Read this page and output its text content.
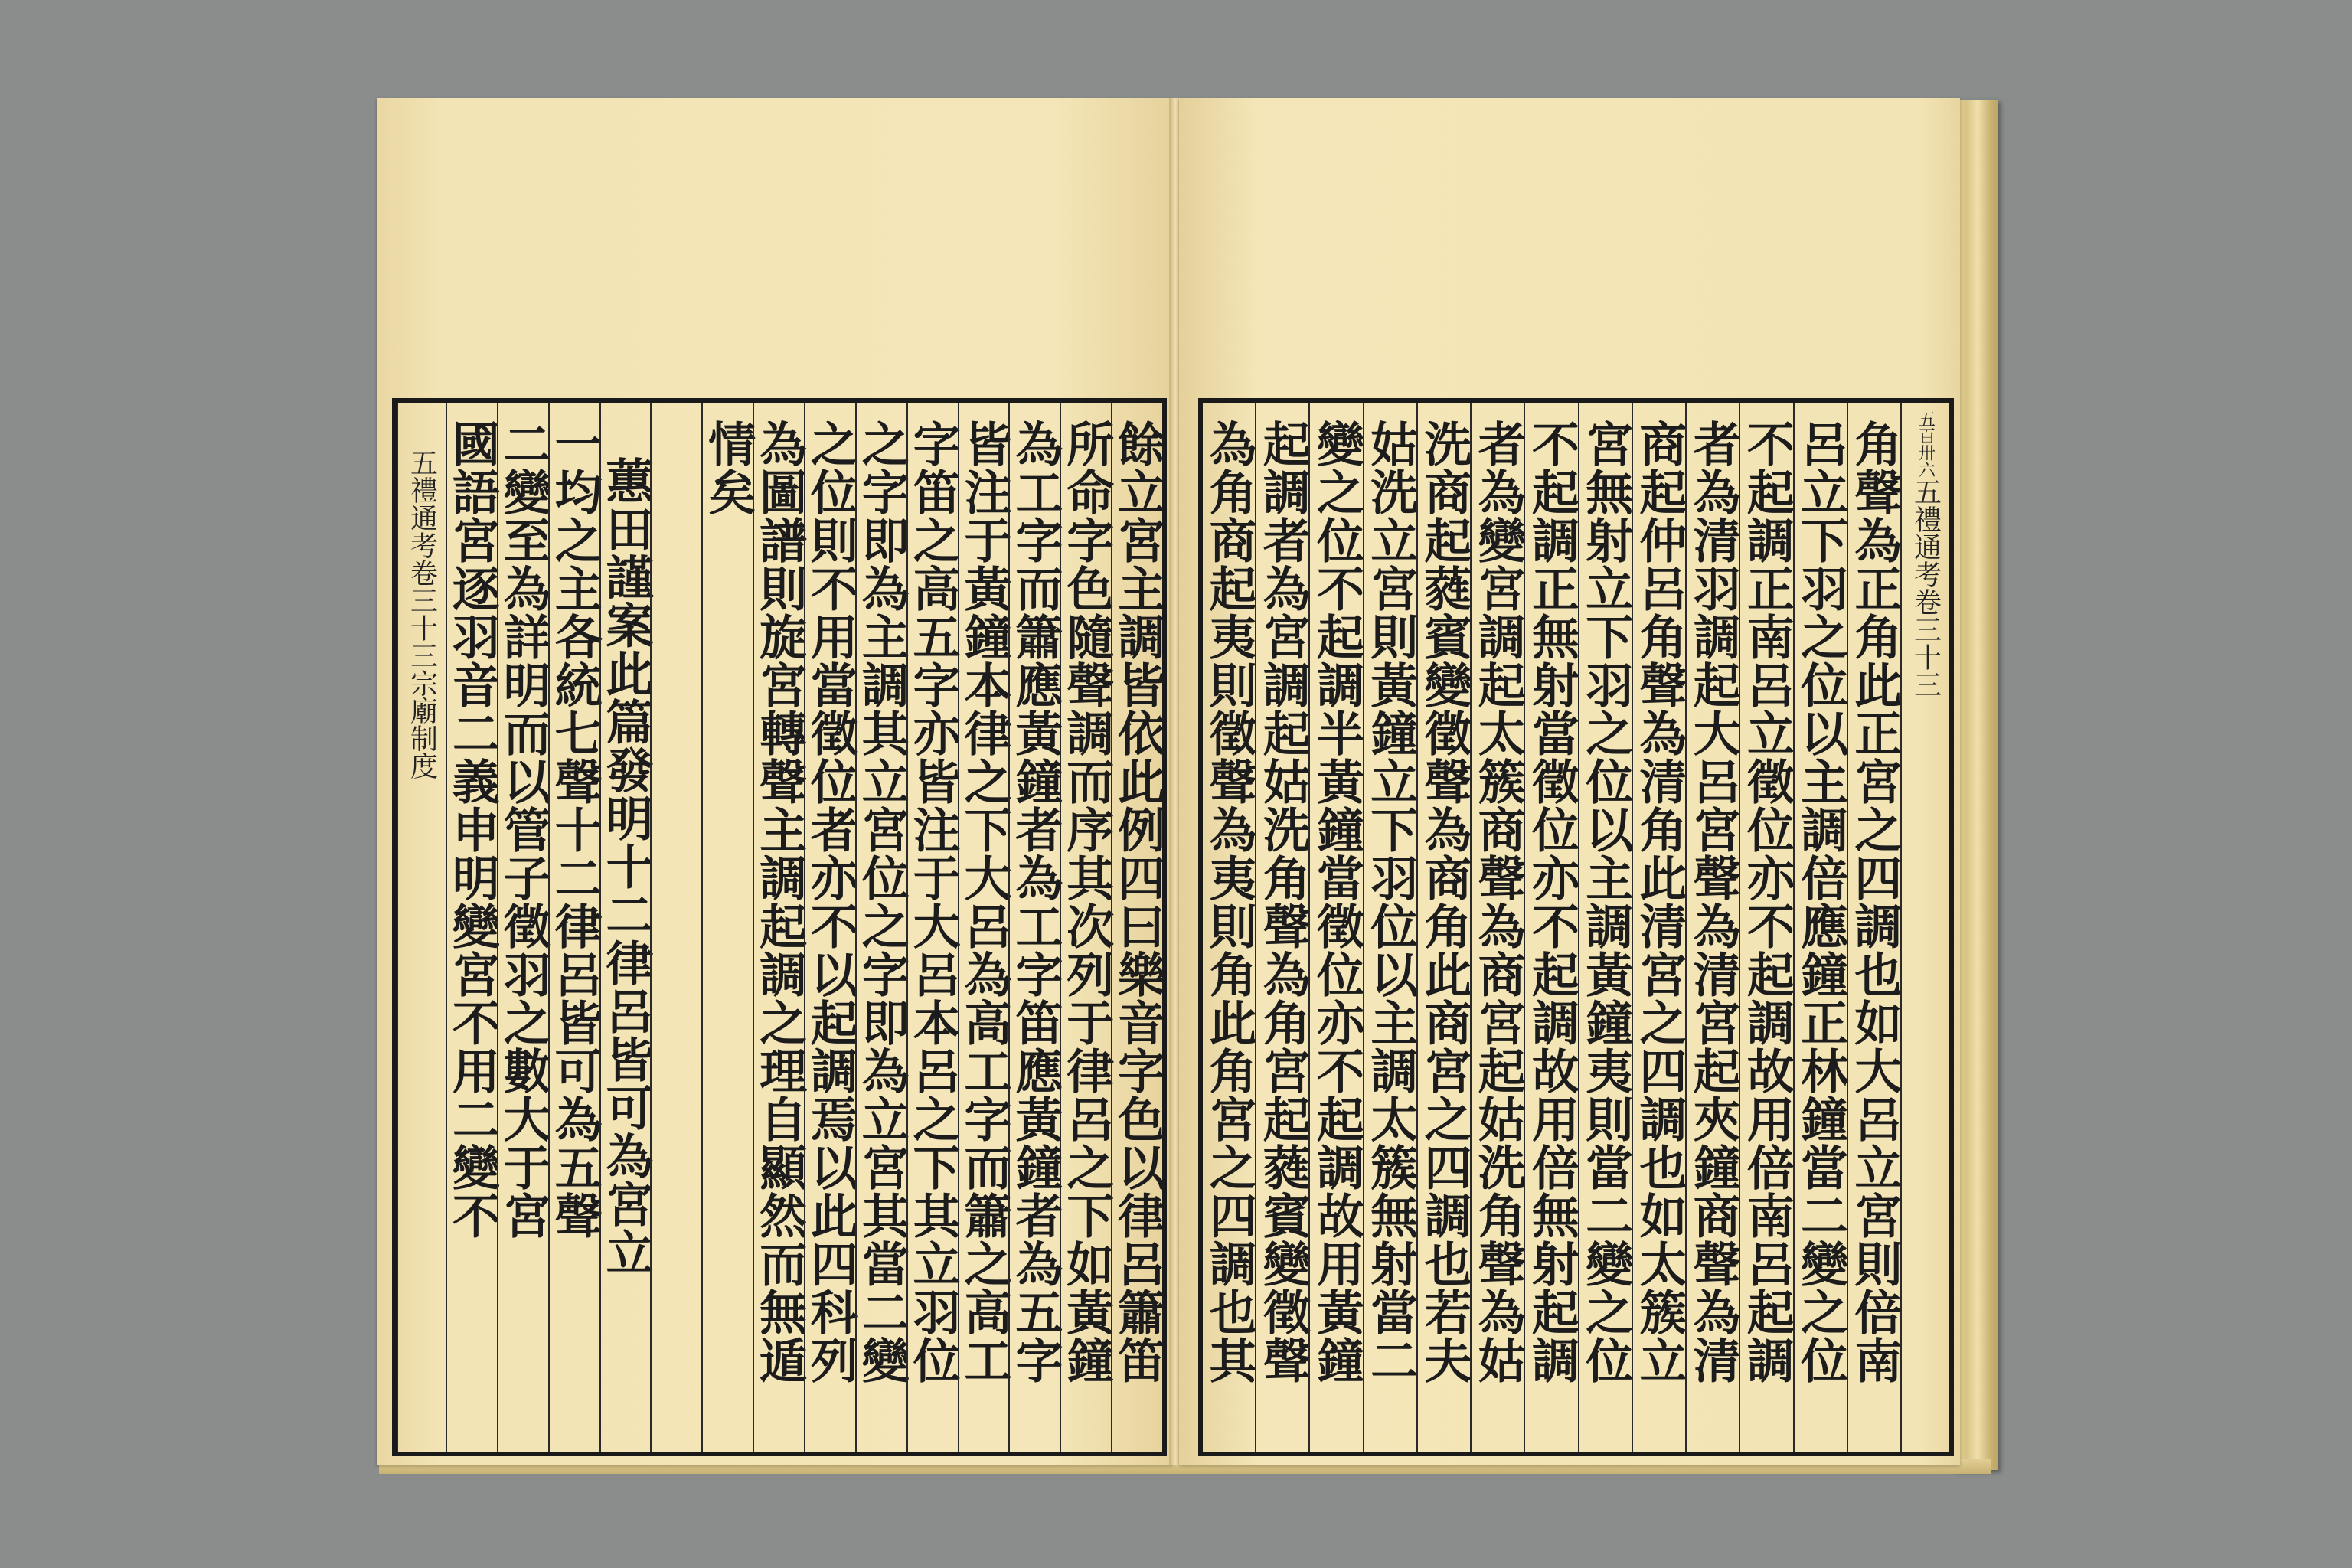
餘立宮主調皆依此例四曰樂音字色以律呂簫笛
所命字色隨聲調而序其次列于律呂之下如黃鐘
為工字而簫應黃鐘者為工字笛應黃鐘者為五字
皆注于黃鐘本律之下大呂為高工字而簫之高工
字笛之高五字亦皆注于大呂本呂之下其立羽位
之字即為主調其立宮位之字即為立宮其當二變
之位則不用當徵位者亦不以起調焉以此四科列
為圖譜則旋宮轉聲主調起調之理自顯然而無遁
情矣
蕙田謹案此篇發明十二律呂皆可為宮立
一均之主各統七聲十二律呂皆可為五聲
二變至為詳明而以管子徵羽之數大于宮
國語宮逐羽音二義申明變宮不用二變不
五禮通考卷三十三宗廟制度
五百卅六
五禮通考卷三十三
角聲為正角此正宮之四調也如大呂立宮則倍南
呂立下羽之位以主調倍應鐘正林鐘當二變之位
不起調正南呂立徵位亦不起調故用倍南呂起調
者為清羽調起大呂宮聲為清宮起夾鐘商聲為清
商起仲呂角聲為清角此清宮之四調也如太簇立
宮無射立下羽之位以主調黃鐘夷則當二變之位
不起調正無射當徵位亦不起調故用倍無射起調
者為變宮調起太簇商聲為商宮起姑洗角聲為姑
洗商起蕤賓變徵聲為商角此商宮之四調也若夫
姑洗立宮則黃鐘立下羽位以主調太簇無射當二
變之位不起調半黃鐘當徵位亦不起調故用黃鐘
起調者為宮調起姑洗角聲為角宮起蕤賓變徵聲
為角商起夷則徵聲為夷則角此角宮之四調也其
